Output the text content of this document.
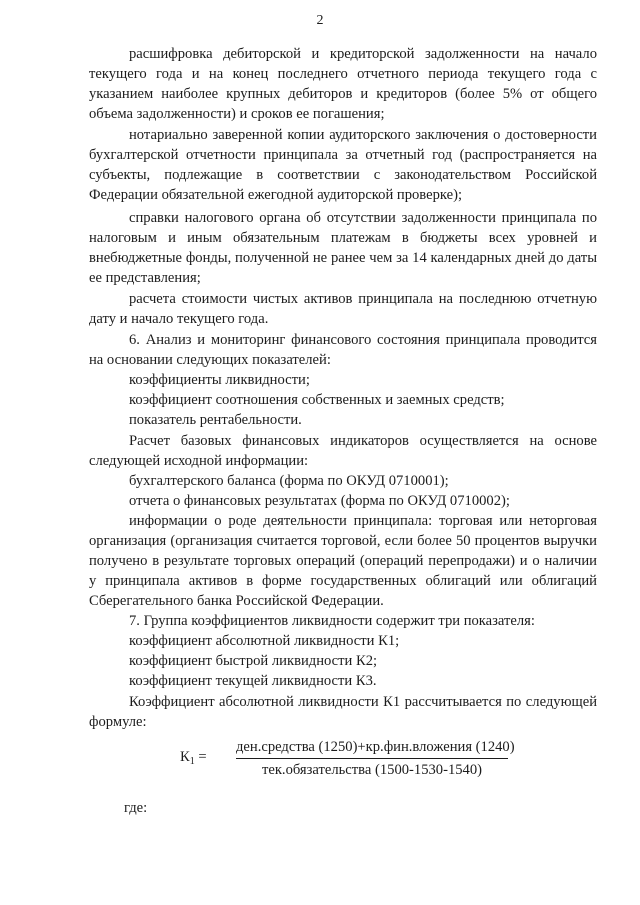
2

расшифровка дебиторской и кредиторской задолженности на начало текущего года и на конец последнего отчетного периода текущего года с указанием наиболее крупных дебиторов и кредиторов (более 5% от общего объема задолженности) и сроков ее погашения;

нотариально заверенной копии аудиторского заключения о достоверности бухгалтерской отчетности принципала за отчетный год (распространяется на субъекты, подлежащие в соответствии с законодательством Российской Федерации обязательной ежегодной аудиторской проверке);

справки налогового органа об отсутствии задолженности принципала по налоговым и иным обязательным платежам в бюджеты всех уровней и внебюджетные фонды, полученной не ранее чем за 14 календарных дней до даты ее представления;

расчета стоимости чистых активов принципала на последнюю отчетную дату и начало текущего года.

6. Анализ и мониторинг финансового состояния принципала проводится на основании следующих показателей:

коэффициенты ликвидности;

коэффициент соотношения собственных и заемных средств;

показатель рентабельности.

Расчет базовых финансовых индикаторов осуществляется на основе следующей исходной информации:

бухгалтерского баланса (форма по ОКУД 0710001);

отчета о финансовых результатах (форма по ОКУД 0710002);

информации о роде деятельности принципала: торговая или неторговая организация (организация считается торговой, если более 50 процентов выручки получено в результате торговых операций (операций перепродажи) и о наличии у принципала активов в форме государственных облигаций или облигаций Сберегательного банка Российской Федерации.

7. Группа коэффициентов ликвидности содержит три показателя:

коэффициент абсолютной ликвидности К1;

коэффициент быстрой ликвидности К2;

коэффициент текущей ликвидности К3.

Коэффициент абсолютной ликвидности К1 рассчитывается по следующей формуле:

$К_1$ =
ден.средства (1250)+кр.фин.вложения (1240)
тек.обязательства (1500-1530-1540)
где:
